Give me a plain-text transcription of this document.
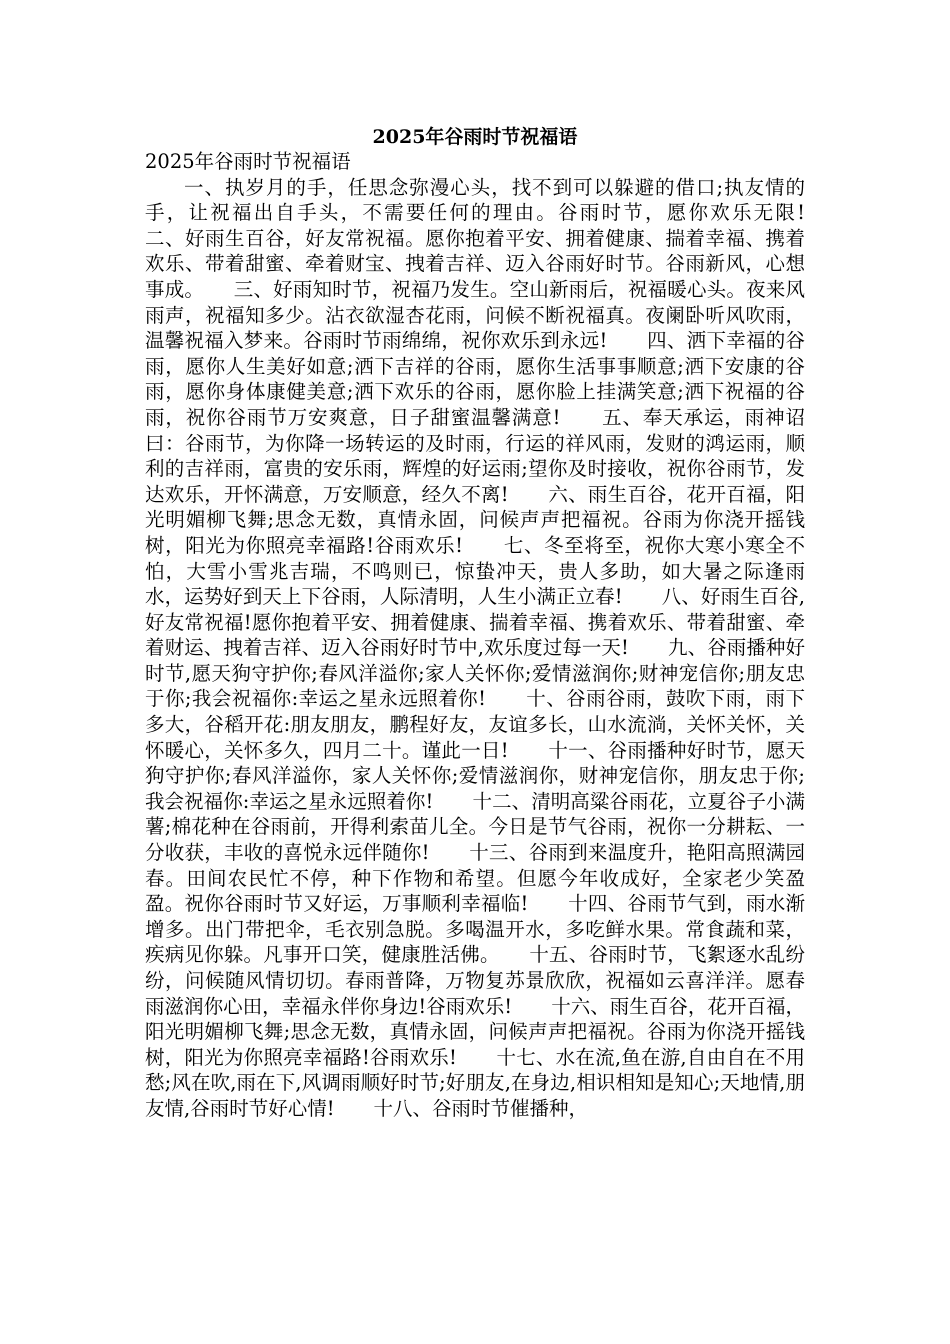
2025年谷雨时节祝福语
2025年谷雨时节祝福语
一、执岁月的手，任思念弥漫心头，找不到可以躲避的借口;执友情的手，让祝福出自手头，不需要任何的理由。谷雨时节，愿你欢乐无限!　　二、好雨生百谷，好友常祝福。愿你抱着平安、拥着健康、揣着幸福、携着欢乐、带着甜蜜、牵着财宝、拽着吉祥、迈入谷雨好时节。谷雨新风，心想事成。　　三、好雨知时节，祝福乃发生。空山新雨后，祝福暖心头。夜来风雨声，祝福知多少。沾衣欲湿杏花雨，问候不断祝福真。夜阑卧听风吹雨，温馨祝福入梦来。谷雨时节雨绵绵，祝你欢乐到永远!　　四、洒下幸福的谷雨，愿你人生美好如意;洒下吉祥的谷雨，愿你生活事事顺意;洒下安康的谷雨，愿你身体康健美意;洒下欢乐的谷雨，愿你脸上挂满笑意;洒下祝福的谷雨，祝你谷雨节万安爽意，日子甜蜜温馨满意!　　五、奉天承运，雨神诏曰：谷雨节，为你降一场转运的及时雨，行运的祥风雨，发财的鸿运雨，顺利的吉祥雨，富贵的安乐雨，辉煌的好运雨;望你及时接收，祝你谷雨节，发达欢乐，开怀满意，万安顺意，经久不离!　　六、雨生百谷，花开百福，阳光明媚柳飞舞;思念无数，真情永固，问候声声把福祝。谷雨为你浇开摇钱树，阳光为你照亮幸福路!谷雨欢乐!　　七、冬至将至，祝你大寒小寒全不怕，大雪小雪兆吉瑞，不鸣则已，惊蛰冲天，贵人多助，如大暑之际逢雨水，运势好到天上下谷雨，人际清明，人生小满正立春!　　八、好雨生百谷,好友常祝福!愿你抱着平安、拥着健康、揣着幸福、携着欢乐、带着甜蜜、牵着财运、拽着吉祥、迈入谷雨好时节中,欢乐度过每一天!　　九、谷雨播种好时节,愿天狗守护你;春风洋溢你;家人关怀你;爱情滋润你;财神宠信你;朋友忠于你;我会祝福你:幸运之星永远照着你!　　十、谷雨谷雨，鼓吹下雨，雨下多大，谷稻开花:朋友朋友，鹏程好友，友谊多长，山水流淌，关怀关怀，关怀暖心，关怀多久，四月二十。谨此一日!　　十一、谷雨播种好时节，愿天狗守护你;春风洋溢你，家人关怀你;爱情滋润你，财神宠信你，朋友忠于你;我会祝福你:幸运之星永远照着你!　　十二、清明高粱谷雨花，立夏谷子小满薯;棉花种在谷雨前，开得利索苗儿全。今日是节气谷雨，祝你一分耕耘、一分收获，丰收的喜悦永远伴随你!　　十三、谷雨到来温度升，艳阳高照满园春。田间农民忙不停，种下作物和希望。但愿今年收成好，全家老少笑盈盈。祝你谷雨时节又好运，万事顺利幸福临!　　十四、谷雨节气到，雨水渐增多。出门带把伞，毛衣别急脱。多喝温开水，多吃鲜水果。常食蔬和菜，疾病见你躲。凡事开口笑，健康胜活佛。　　十五、谷雨时节，飞絮逐水乱纷纷，问候随风情切切。春雨普降，万物复苏景欣欣，祝福如云喜洋洋。愿春雨滋润你心田，幸福永伴你身边!谷雨欢乐!　　十六、雨生百谷，花开百福，阳光明媚柳飞舞;思念无数，真情永固，问候声声把福祝。谷雨为你浇开摇钱树，阳光为你照亮幸福路!谷雨欢乐!　　十七、水在流,鱼在游,自由自在不用愁;风在吹,雨在下,风调雨顺好时节;好朋友,在身边,相识相知是知心;天地情,朋友情,谷雨时节好心情!　　十八、谷雨时节催播种，
